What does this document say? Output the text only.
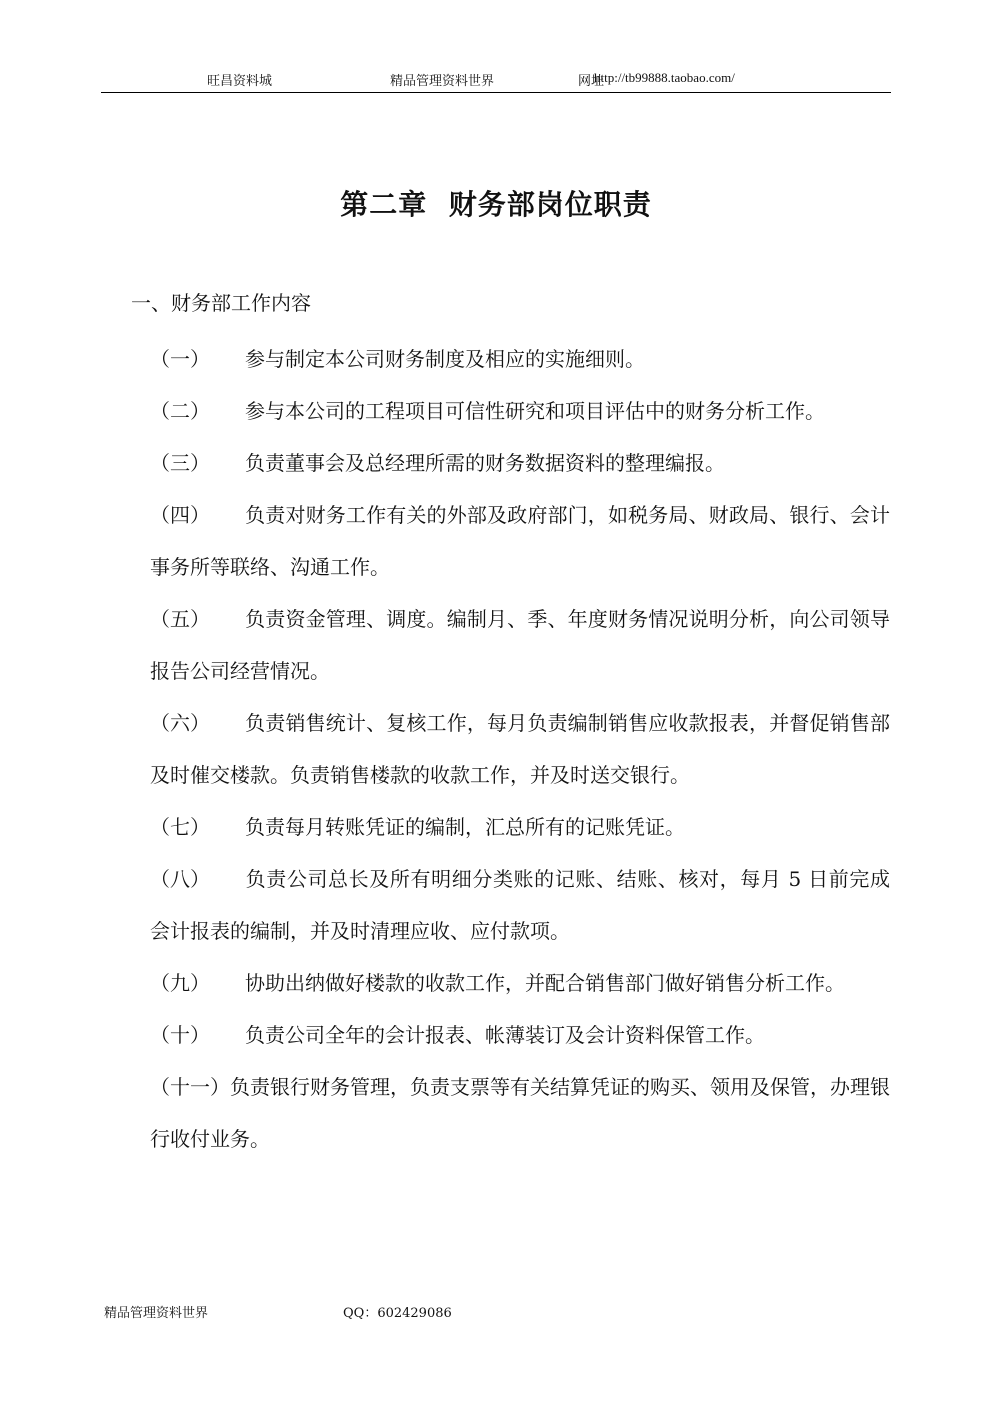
旺昌资料城	精品管理资料世界	网址
http://tb99888.taobao.com/
第二章  财务部岗位职责
一、财务部工作内容
（一） 参与制定本公司财务制度及相应的实施细则。
（二） 参与本公司的工程项目可信性研究和项目评估中的财务分析工作。
（三） 负责董事会及总经理所需的财务数据资料的整理编报。
（四） 负责对财务工作有关的外部及政府部门，如税务局、财政局、银行、会计事务所等联络、沟通工作。
（五） 负责资金管理、调度。编制月、季、年度财务情况说明分析，向公司领导报告公司经营情况。
（六） 负责销售统计、复核工作，每月负责编制销售应收款报表，并督促销售部及时催交楼款。负责销售楼款的收款工作，并及时送交银行。
（七） 负责每月转账凭证的编制，汇总所有的记账凭证。
（八） 负责公司总长及所有明细分类账的记账、结账、核对，每月 5 日前完成会计报表的编制，并及时清理应收、应付款项。
（九） 协助出纳做好楼款的收款工作，并配合销售部门做好销售分析工作。
（十） 负责公司全年的会计报表、帐薄装订及会计资料保管工作。
（十一）负责银行财务管理，负责支票等有关结算凭证的购买、领用及保管，办理银行收付业务。
精品管理资料世界	QQ：602429086
